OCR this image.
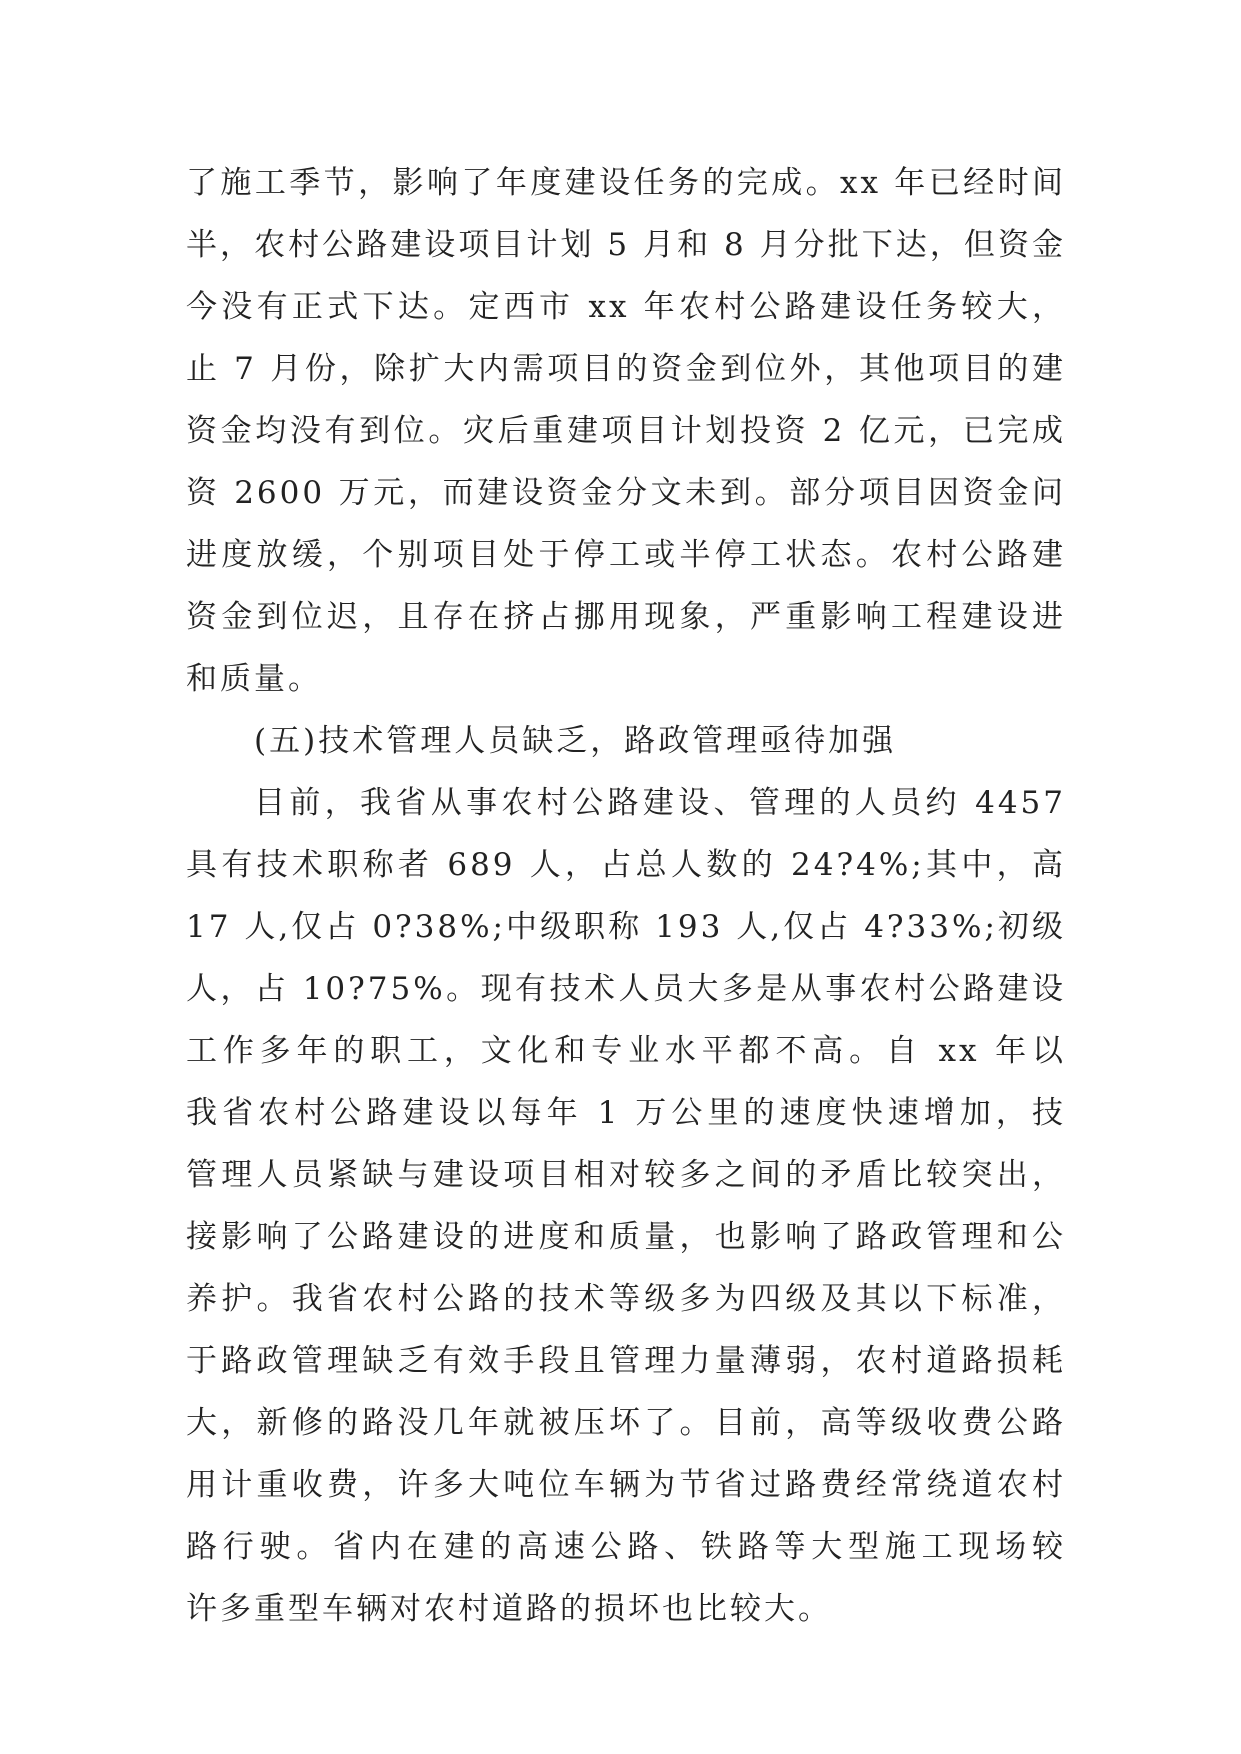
了施工季节，影响了年度建设任务的完成。xx 年已经时间
半，农村公路建设项目计划 5 月和 8 月分批下达，但资金
今没有正式下达。定西市 xx 年农村公路建设任务较大，
止 7 月份，除扩大内需项目的资金到位外，其他项目的建
资金均没有到位。灾后重建项目计划投资 2 亿元，已完成
资 2600 万元，而建设资金分文未到。部分项目因资金问
进度放缓，个别项目处于停工或半停工状态。农村公路建
资金到位迟，且存在挤占挪用现象，严重影响工程建设进
和质量。
(五)技术管理人员缺乏，路政管理亟待加强
目前，我省从事农村公路建设、管理的人员约 4457
具有技术职称者 689 人，占总人数的 24?4%;其中，高
17 人,仅占 0?38%;中级职称 193 人,仅占 4?33%;初级
人，占 10?75%。现有技术人员大多是从事农村公路建设
工作多年的职工，文化和专业水平都不高。自 xx 年以
我省农村公路建设以每年 1 万公里的速度快速增加，技
管理人员紧缺与建设项目相对较多之间的矛盾比较突出，
接影响了公路建设的进度和质量，也影响了路政管理和公
养护。我省农村公路的技术等级多为四级及其以下标准，
于路政管理缺乏有效手段且管理力量薄弱，农村道路损耗
大，新修的路没几年就被压坏了。目前，高等级收费公路
用计重收费，许多大吨位车辆为节省过路费经常绕道农村
路行驶。省内在建的高速公路、铁路等大型施工现场较
许多重型车辆对农村道路的损坏也比较大。
